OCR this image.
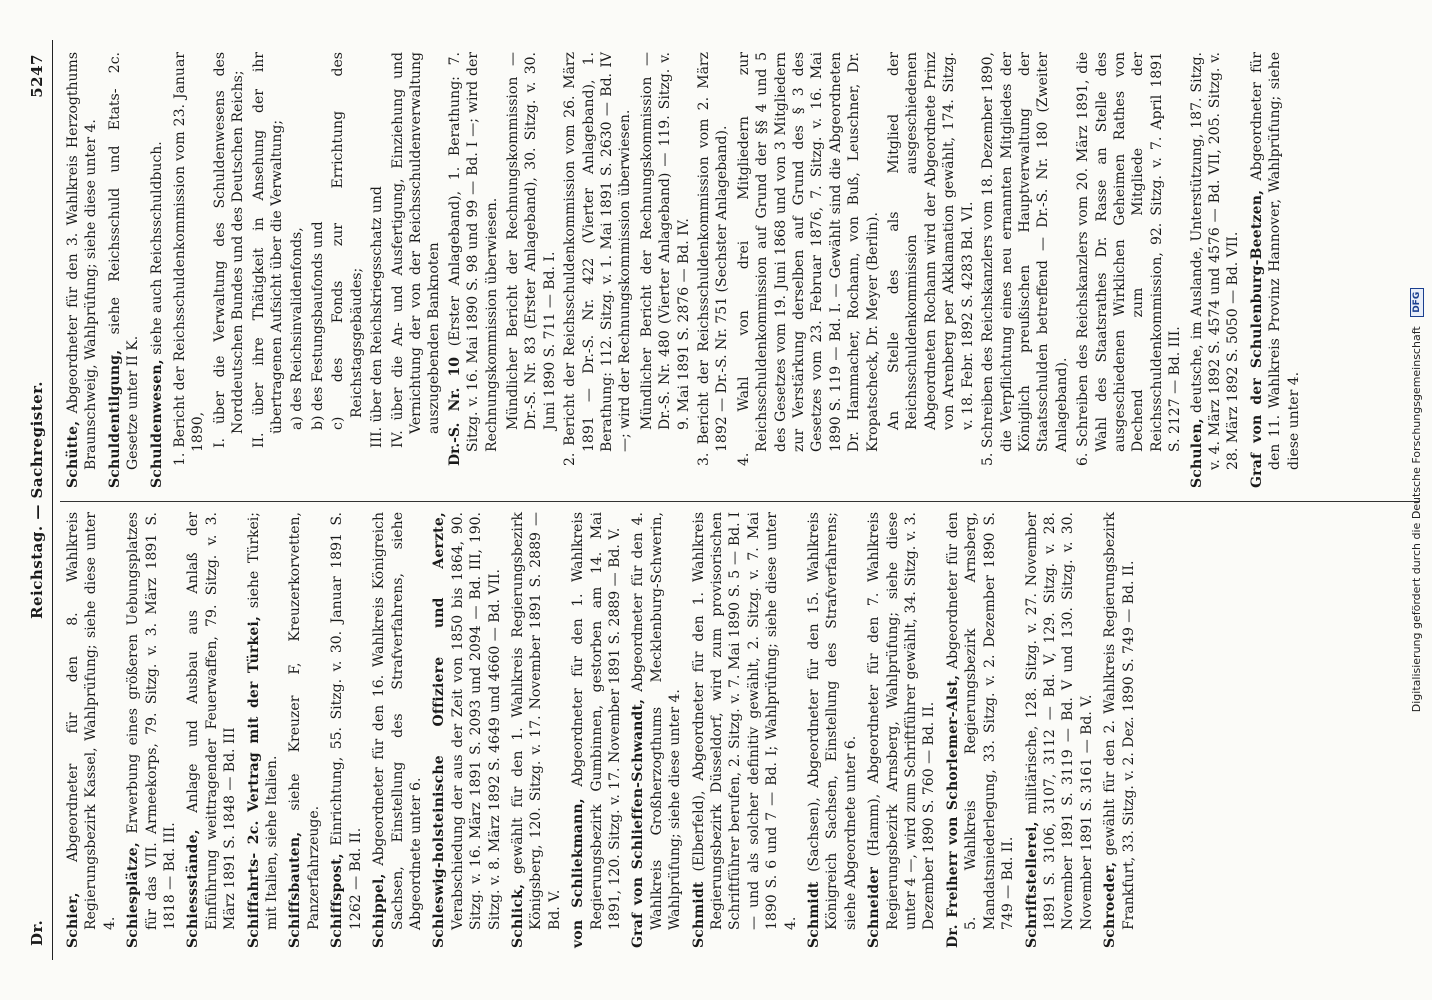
Dr.
Reichstag. — Sachregister.
5247

Schier, Abgeordneter für den 8. Wahlkreis Regierungsbezirk Kassel, Wahlprüfung; siehe diese unter 4. Schiesplätze, Erwerbung eines größeren Uebungsplatzes für das VII. Armeekorps, 79. Sitzg. v. 3. März 1891 S. 1818 — Bd. III. Schiessstände, Anlage und Ausbau aus Anlaß der Einführung weittragender Feuerwaffen, 79. Sitzg. v. 3. März 1891 S. 1848 — Bd. III Schiffahrts- 2c. Vertrag mit der Türkei, siehe Türkei; mit Italien, siehe Italien. Schiffsbauten, siehe Kreuzer F, Kreuzerkorvetten, Panzerfahrzeuge. Schiffspost, Einrichtung, 55. Sitzg. v. 30. Januar 1891 S. 1262 — Bd. II. Schippel, Abgeordneter für den 16. Wahlkreis Königreich Sachsen, Einstellung des Strafverfahrens, siehe Abgeordnete unter 6. Schleswig-holsteinische Offiziere und Aerzte, Verabschiedung der aus der Zeit von 1850 bis 1864, 90. Sitzg. v. 16. März 1891 S. 2093 und 2094 — Bd. III, 190. Sitzg. v. 8. März 1892 S. 4649 und 4660 — Bd. VII. Schlick, gewählt für den 1. Wahlkreis Regierungsbezirk Königsberg, 120. Sitzg. v. 17. November 1891 S. 2889 — Bd. V. von Schliekmann, Abgeordneter für den 1. Wahlkreis Regierungsbezirk Gumbinnen, gestorben am 14. Mai 1891, 120. Sitzg. v. 17. November 1891 S. 2889 — Bd. V. Graf von Schlieffen-Schwandt, Abgeordneter für den 4. Wahlkreis Großherzogthums Mecklenburg-Schwerin, Wahlprüfung; siehe diese unter 4. Schmidt (Elberfeld), Abgeordneter für den 1. Wahlkreis Regierungsbezirk Düsseldorf, wird zum provisorischen Schriftführer berufen, 2. Sitzg. v. 7. Mai 1890 S. 5 — Bd. I — und als solcher definitiv gewählt, 2. Sitzg. v. 7. Mai 1890 S. 6 und 7 — Bd. I; Wahlprüfung; siehe diese unter 4. Schmidt (Sachsen), Abgeordneter für den 15. Wahlkreis Königreich Sachsen, Einstellung des Strafverfahrens; siehe Abgeordnete unter 6. Schneider (Hamm), Abgeordneter für den 7. Wahlkreis Regierungsbezirk Arnsberg, Wahlprüfung; siehe diese unter 4 —, wird zum Schriftführer gewählt, 34. Sitzg. v. 3. Dezember 1890 S. 760 — Bd. II. Dr. Freiherr von Schorlemer-Alst, Abgeordneter für den 5. Wahlkreis Regierungsbezirk Arnsberg, Mandatsniederlegung, 33. Sitzg. v. 2. Dezember 1890 S. 749 — Bd. II. Schriftstellerei, militärische, 128. Sitzg. v. 27. November 1891 S. 3106, 3107, 3112 — Bd. V, 129. Sitzg. v. 28. November 1891 S. 3119 — Bd. V und 130. Sitzg. v. 30. November 1891 S. 3161 — Bd. V. Schroeder, gewählt für den 2. Wahlkreis Regierungsbezirk Frankfurt, 33. Sitzg. v. 2. Dez. 1890 S. 749 — Bd. II.

Schütte, Abgeordneter für den 3. Wahlkreis Herzogthums Braunschweig, Wahlprüfung; siehe diese unter 4. Schuldentilgung, siehe Reichsschuld und Etats- 2c. Gesetze unter II K. Schuldenwesen, siehe auch Reichsschuldbuch.

1. Bericht der Reichsschuldenkommission vom 23. Januar 1890, I. über die Verwaltung des Schuldenwesens des Norddeutschen Bundes und des Deutschen Reichs;

II. über ihre Thätigkeit in Ansehung der ihr übertragenen Aufsicht über die Verwaltung; a) des Reichsinvalidenfonds,

b) des Festungsbaufonds und

c) des Fonds zur Errichtung des Reichstagsgebäudes;

III. über den Reichskriegsschatz und

IV. über die An- und Ausfertigung, Einziehung und Vernichtung der von der Reichsschuldenverwaltung auszugebenden Banknoten Dr.-S. Nr. 10 (Erster Anlageband), 1. Berathung: 7. Sitzg. v. 16. Mai 1890 S. 98 und 99 — Bd. I —; wird der Rechnungskommission überwiesen. Mündlicher Bericht der Rechnungskommission — Dr.-S. Nr. 83 (Erster Anlageband), 30. Sitzg. v. 30. Juni 1890 S. 711 — Bd. I.

2. Bericht der Reichsschuldenkommission vom 26. März 1891 — Dr.-S. Nr. 422 (Vierter Anlageband), 1. Berathung: 112. Sitzg. v. 1. Mai 1891 S. 2630 — Bd. IV —; wird der Rechnungskommission überwiesen. Mündlicher Bericht der Rechnungskommission — Dr.-S. Nr. 480 (Vierter Anlageband) — 119. Sitzg. v. 9. Mai 1891 S. 2876 — Bd. IV.

3. Bericht der Reichsschuldenkommission vom 2. März 1892 — Dr.-S. Nr. 751 (Sechster Anlageband).

4. Wahl von drei Mitgliedern zur Reichsschuldenkommission auf Grund der §§ 4 und 5 des Gesetzes vom 19. Juni 1868 und von 3 Mitgliedern zur Verstärkung derselben auf Grund des § 3 des Gesetzes vom 23. Februar 1876, 7. Sitzg. v. 16. Mai 1890 S. 119 — Bd. I. — Gewählt sind die Abgeordneten Dr. Hammacher, Rochann, von Buß, Leuschner, Dr. Kropatscheck, Dr. Meyer (Berlin). An Stelle des als Mitglied der Reichsschuldenkommission ausgeschiedenen Abgeordneten Rochann wird der Abgeordnete Prinz von Arenberg per Akklamation gewählt, 174. Sitzg. v. 18. Febr. 1892 S. 4283 Bd. VI.

5. Schreiben des Reichskanzlers vom 18. Dezember 1890, die Verpflichtung eines neu ernannten Mitgliedes der Königlich preußischen Hauptverwaltung der Staatsschulden betreffend — Dr.-S. Nr. 180 (Zweiter Anlageband).

6. Schreiben des Reichskanzlers vom 20. März 1891, die Wahl des Staatsrathes Dr. Rasse an Stelle des ausgeschiedenen Wirklichen Geheimen Rathes von Dechend zum Mitgliede der Reichsschuldenkommission, 92. Sitzg. v. 7. April 1891 S. 2127 — Bd. III.

Schulen, deutsche, im Auslande, Unterstützung, 187. Sitzg. v. 4. März 1892 S. 4574 und 4576 — Bd. VII, 205. Sitzg. v. 28. März 1892 S. 5050 — Bd. VII. Graf von der Schulenburg-Beetzen, Abgeordneter für den 11. Wahlkreis Provinz Hannover, Wahlprüfung; siehe diese unter 4.	Digitalisierung gefördert durch die Deutsche Forschungsgemeinschaft DFG
